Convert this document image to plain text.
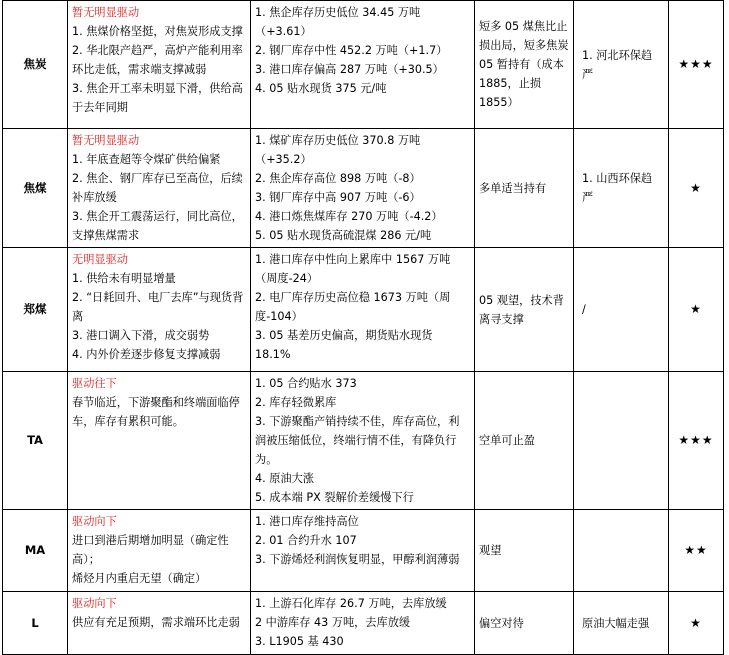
焦炭	暂无明显驱动
1. 焦煤价格坚挺，对焦炭形成支撑
2. 华北限产趋严，高炉产能利用率环比走低，需求端支撑减弱
3. 焦企开工率未明显下滑，供给高于去年同期	1. 焦企库存历史低位 34.45 万吨（+3.61）
2. 钢厂库存中性 452.2 万吨（+1.7）
3. 港口库存偏高 287 万吨（+30.5）
4. 05 贴水现货 375 元/吨	短多 05 煤焦比止损出局，短多焦炭 05 暂持有（成本 1885，止损 1855）	1. 河北环保趋严	★★★

焦煤	暂无明显驱动
1. 年底查超等令煤矿供给偏紧
2. 焦企、钢厂库存已至高位，后续补库放缓
3. 焦企开工震荡运行，同比高位，支撑焦煤需求	1. 煤矿库存历史低位 370.8 万吨（+35.2）
2. 焦企库存高位 898 万吨（-8）
3. 钢厂库存中高 907 万吨（-6）
4. 港口炼焦煤库存 270 万吨（-4.2）
5. 05 贴水现货高硫混煤 286 元/吨	多单适当持有	1. 山西环保趋严	★

郑煤	无明显驱动
1. 供给未有明显增量
2. “日耗回升、电厂去库”与现货背离
3. 港口调入下滑，成交弱势
4. 内外价差逐步修复支撑减弱	1. 港口库存中性向上累库中 1567 万吨（周度-24）
2. 电厂库存历史高位稳 1673 万吨（周度-104）
3. 05 基差历史偏高，期货贴水现货 18.1%	05 观望，技术背离寻支撑	/	★

TA	驱动往下
春节临近，下游聚酯和终端面临停车，库存有累积可能。	1. 05 合约贴水 373
2. 库存轻微累库
3. 下游聚酯产销持续不佳，库存高位，利润被压缩低位，终端行情不佳，有降负行为。
4. 原油大涨
5. 成本端 PX 裂解价差缓慢下行	空单可止盈		★★★

MA	驱动向下
进口到港后期增加明显（确定性高）；
烯烃月内重启无望（确定）	1. 港口库存维持高位
2. 01 合约升水 107
3. 下游烯烃利润恢复明显，甲醇利润薄弱	观望		★★

L	驱动向下
供应有充足预期，需求端环比走弱	1. 上游石化库存 26.7 万吨，去库放缓
2 中游库存 43 万吨，去库放缓
3. L1905 基 430	偏空对待	原油大幅走强	★
